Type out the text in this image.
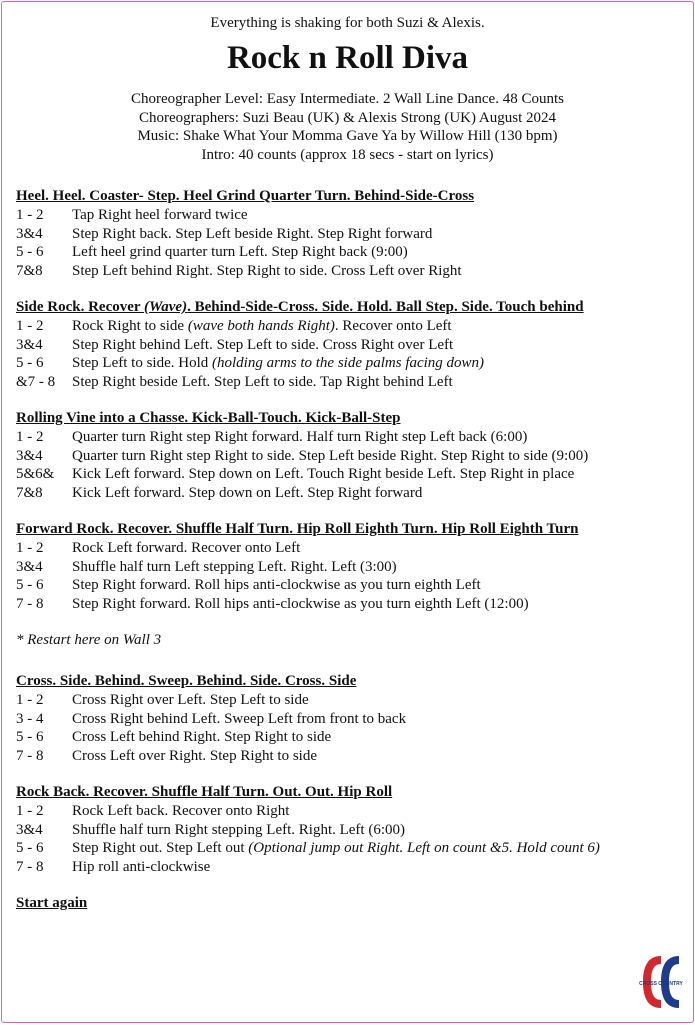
Everything is shaking for both Suzi & Alexis.
Rock n Roll Diva
Choreographer Level: Easy Intermediate. 2 Wall Line Dance. 48 Counts
Choreographers: Suzi Beau (UK) & Alexis Strong (UK) August 2024
Music: Shake What Your Momma Gave Ya by Willow Hill (130 bpm)
Intro: 40 counts (approx 18 secs - start on lyrics)
Heel. Heel. Coaster- Step. Heel Grind Quarter Turn. Behind-Side-Cross
1 - 2	Tap Right heel forward twice
3&4	Step Right back. Step Left beside Right. Step Right forward
5 - 6	Left heel grind quarter turn Left. Step Right back (9:00)
7&8	Step Left behind Right. Step Right to side. Cross Left over Right
Side Rock. Recover (Wave). Behind-Side-Cross. Side. Hold. Ball Step. Side. Touch behind
1 - 2	Rock Right to side (wave both hands Right). Recover onto Left
3&4	Step Right behind Left. Step Left to side. Cross Right over Left
5 - 6	Step Left to side. Hold (holding arms to the side palms facing down)
&7 - 8	Step Right beside Left. Step Left to side. Tap Right behind Left
Rolling Vine into a Chasse. Kick-Ball-Touch. Kick-Ball-Step
1 - 2	Quarter turn Right step Right forward. Half turn Right step Left back (6:00)
3&4	Quarter turn Right step Right to side. Step Left beside Right. Step Right to side (9:00)
5&6&	Kick Left forward. Step down on Left. Touch Right beside Left. Step Right in place
7&8	Kick Left forward. Step down on Left. Step Right forward
Forward Rock. Recover. Shuffle Half Turn. Hip Roll Eighth Turn. Hip Roll Eighth Turn
1 - 2	Rock Left forward. Recover onto Left
3&4	Shuffle half turn Left stepping Left. Right. Left (3:00)
5 - 6	Step Right forward. Roll hips anti-clockwise as you turn eighth Left
7 - 8	Step Right forward. Roll hips anti-clockwise as you turn eighth Left (12:00)
* Restart here on Wall 3
Cross. Side. Behind. Sweep. Behind. Side. Cross. Side
1 - 2	Cross Right over Left. Step Left to side
3 - 4	Cross Right behind Left. Sweep Left from front to back
5 - 6	Cross Left behind Right. Step Right to side
7 - 8	Cross Left over Right. Step Right to side
Rock Back. Recover. Shuffle Half Turn. Out. Out. Hip Roll
1 - 2	Rock Left back. Recover onto Right
3&4	Shuffle half turn Right stepping Left. Right. Left (6:00)
5 - 6	Step Right out. Step Left out (Optional jump out Right. Left on count &5. Hold count 6)
7 - 8	Hip roll anti-clockwise
Start again
CROSS COUNTRY
